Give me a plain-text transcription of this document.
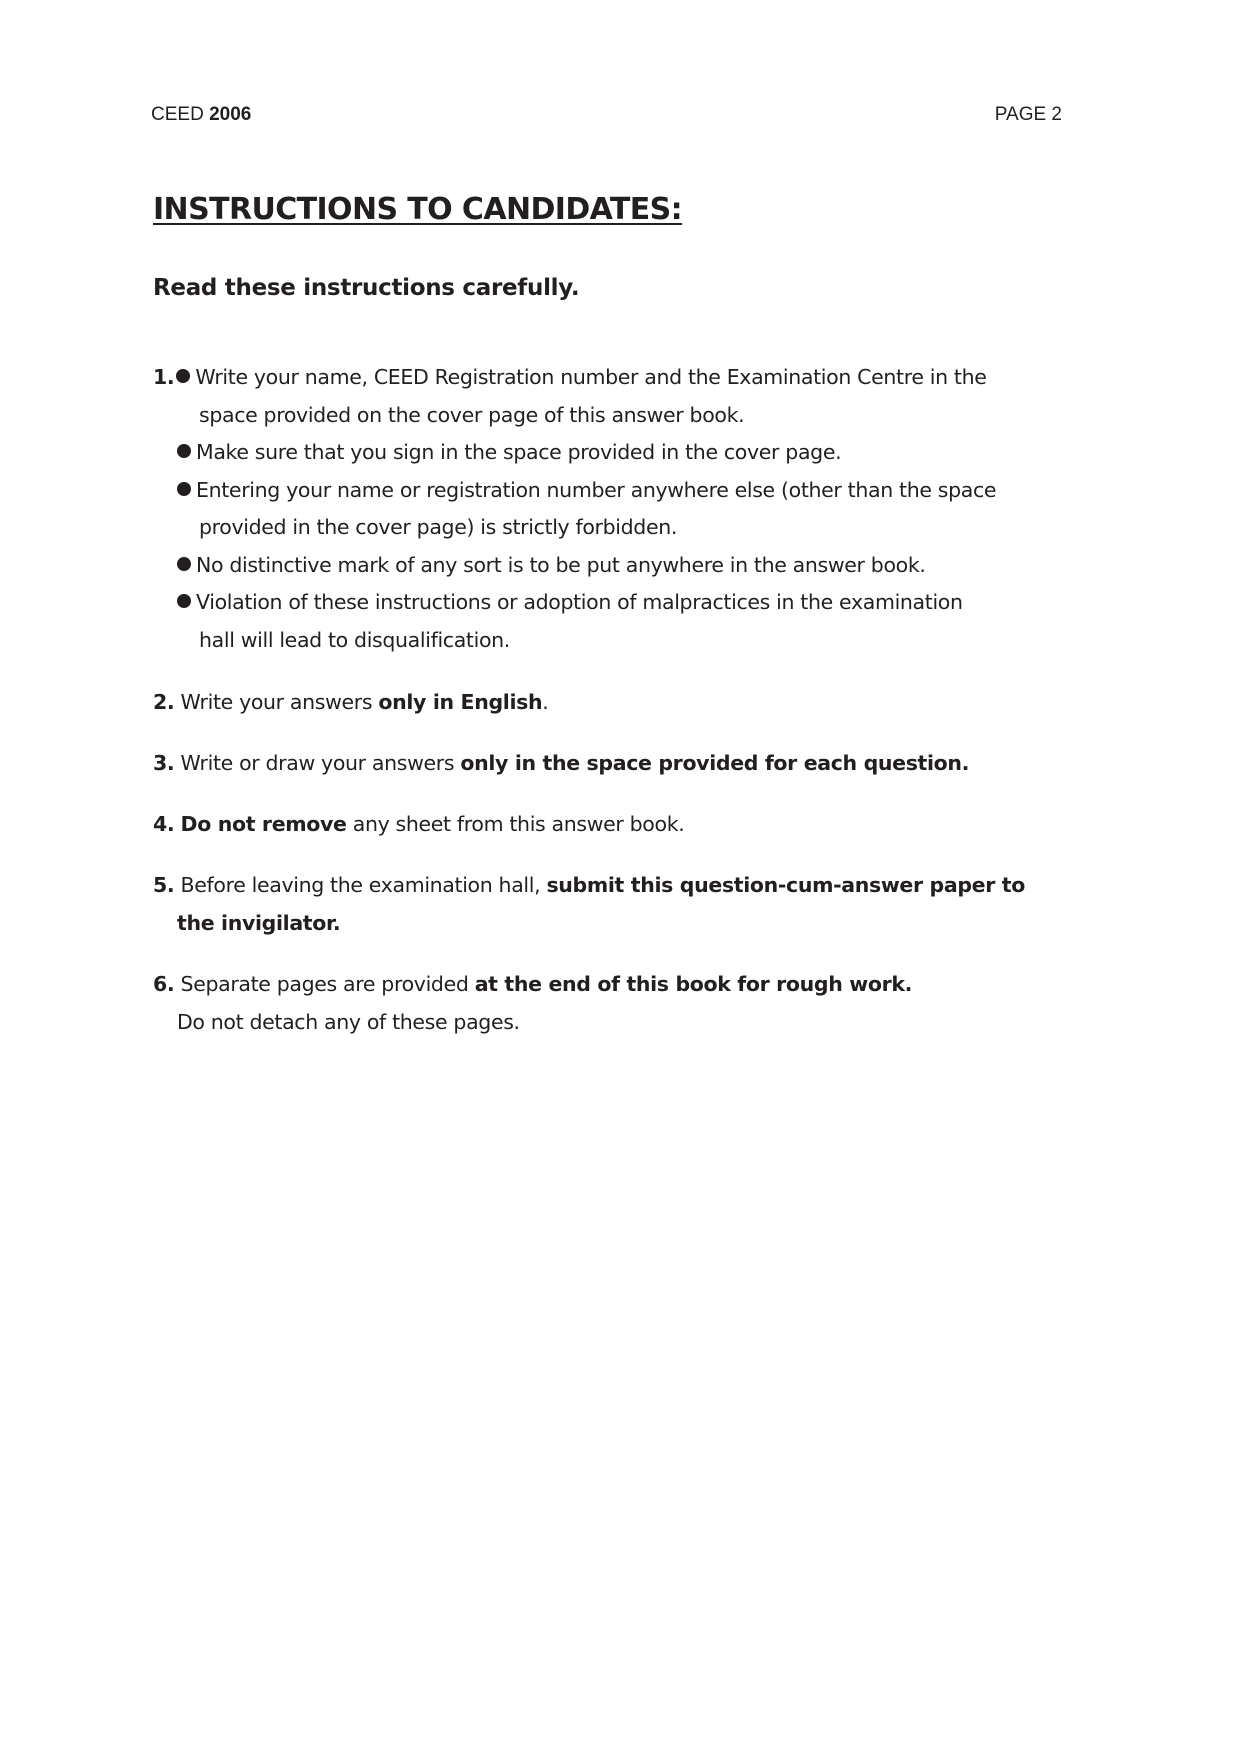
CEED 2006	PAGE 2
INSTRUCTIONS TO CANDIDATES:
Read these instructions carefully.
1. Write your name, CEED Registration number and the Examination Centre in the
space provided on the cover page of this answer book.
Make sure that you sign in the space provided in the cover page.
Entering your name or registration number anywhere else (other than the space
provided in the cover page) is strictly forbidden.
No distinctive mark of any sort is to be put anywhere in the answer book.
Violation of these instructions or adoption of malpractices in the examination
hall will lead to disqualification.
2. Write your answers only in English.
3. Write or draw your answers only in the space provided for each question.
4. Do not remove any sheet from this answer book.
5. Before leaving the examination hall, submit this question-cum-answer paper to
the invigilator.
6. Separate pages are provided at the end of this book for rough work.
Do not detach any of these pages.
